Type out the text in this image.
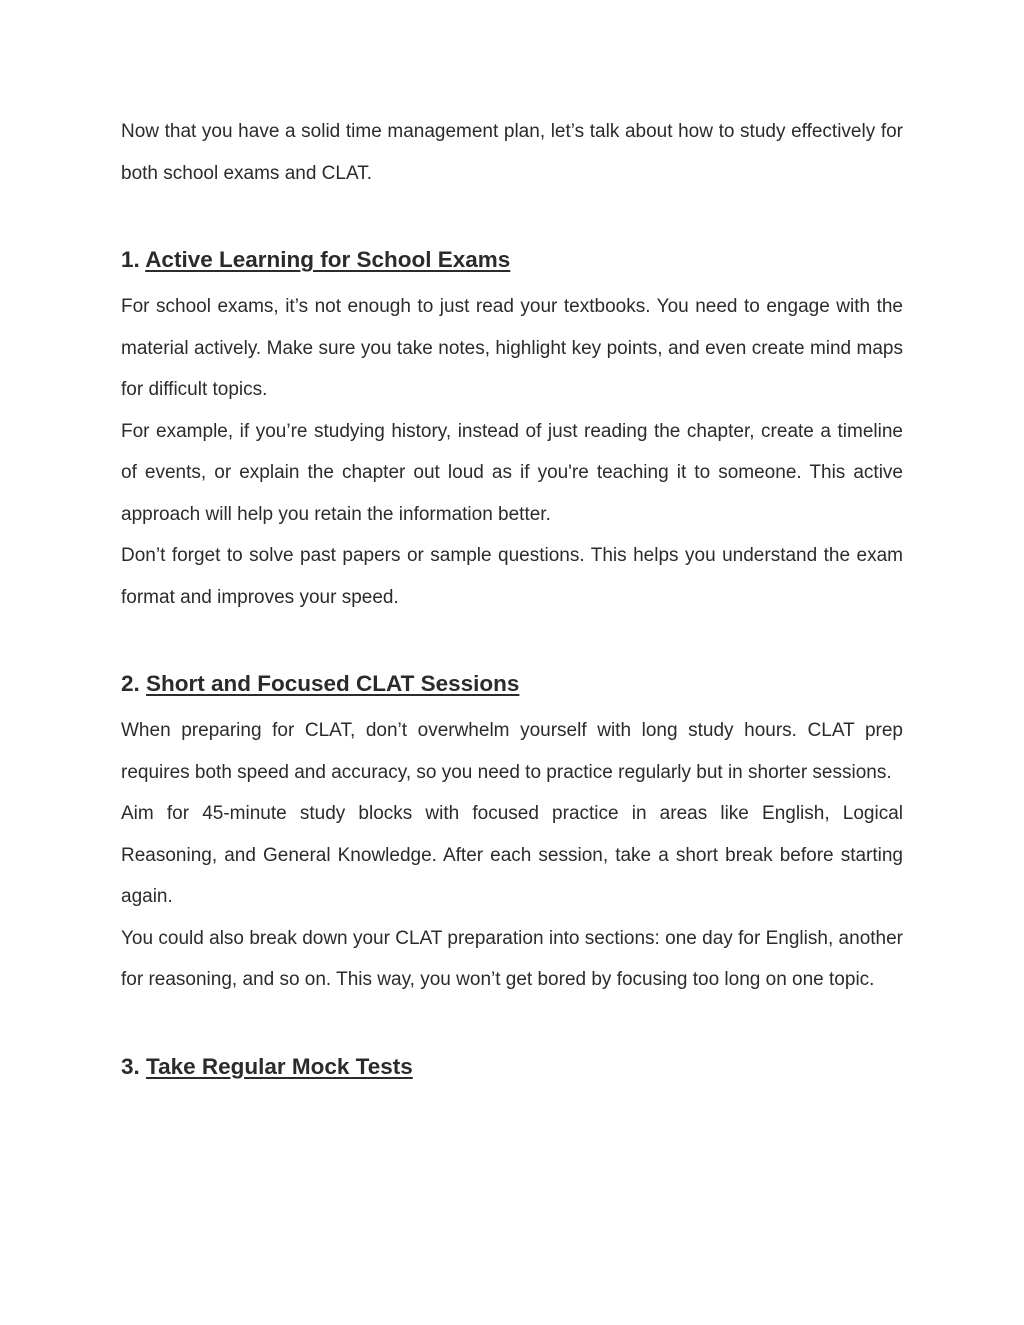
Now that you have a solid time management plan, let’s talk about how to study effectively for both school exams and CLAT.

1. Active Learning for School Exams

For school exams, it’s not enough to just read your textbooks. You need to engage with the material actively. Make sure you take notes, highlight key points, and even create mind maps for difficult topics.

For example, if you’re studying history, instead of just reading the chapter, create a timeline of events, or explain the chapter out loud as if you're teaching it to someone. This active approach will help you retain the information better.

Don’t forget to solve past papers or sample questions. This helps you understand the exam format and improves your speed.

2. Short and Focused CLAT Sessions

When preparing for CLAT, don’t overwhelm yourself with long study hours. CLAT prep requires both speed and accuracy, so you need to practice regularly but in shorter sessions.

Aim for 45-minute study blocks with focused practice in areas like English, Logical Reasoning, and General Knowledge. After each session, take a short break before starting again.

You could also break down your CLAT preparation into sections: one day for English, another for reasoning, and so on. This way, you won’t get bored by focusing too long on one topic.

3. Take Regular Mock Tests
